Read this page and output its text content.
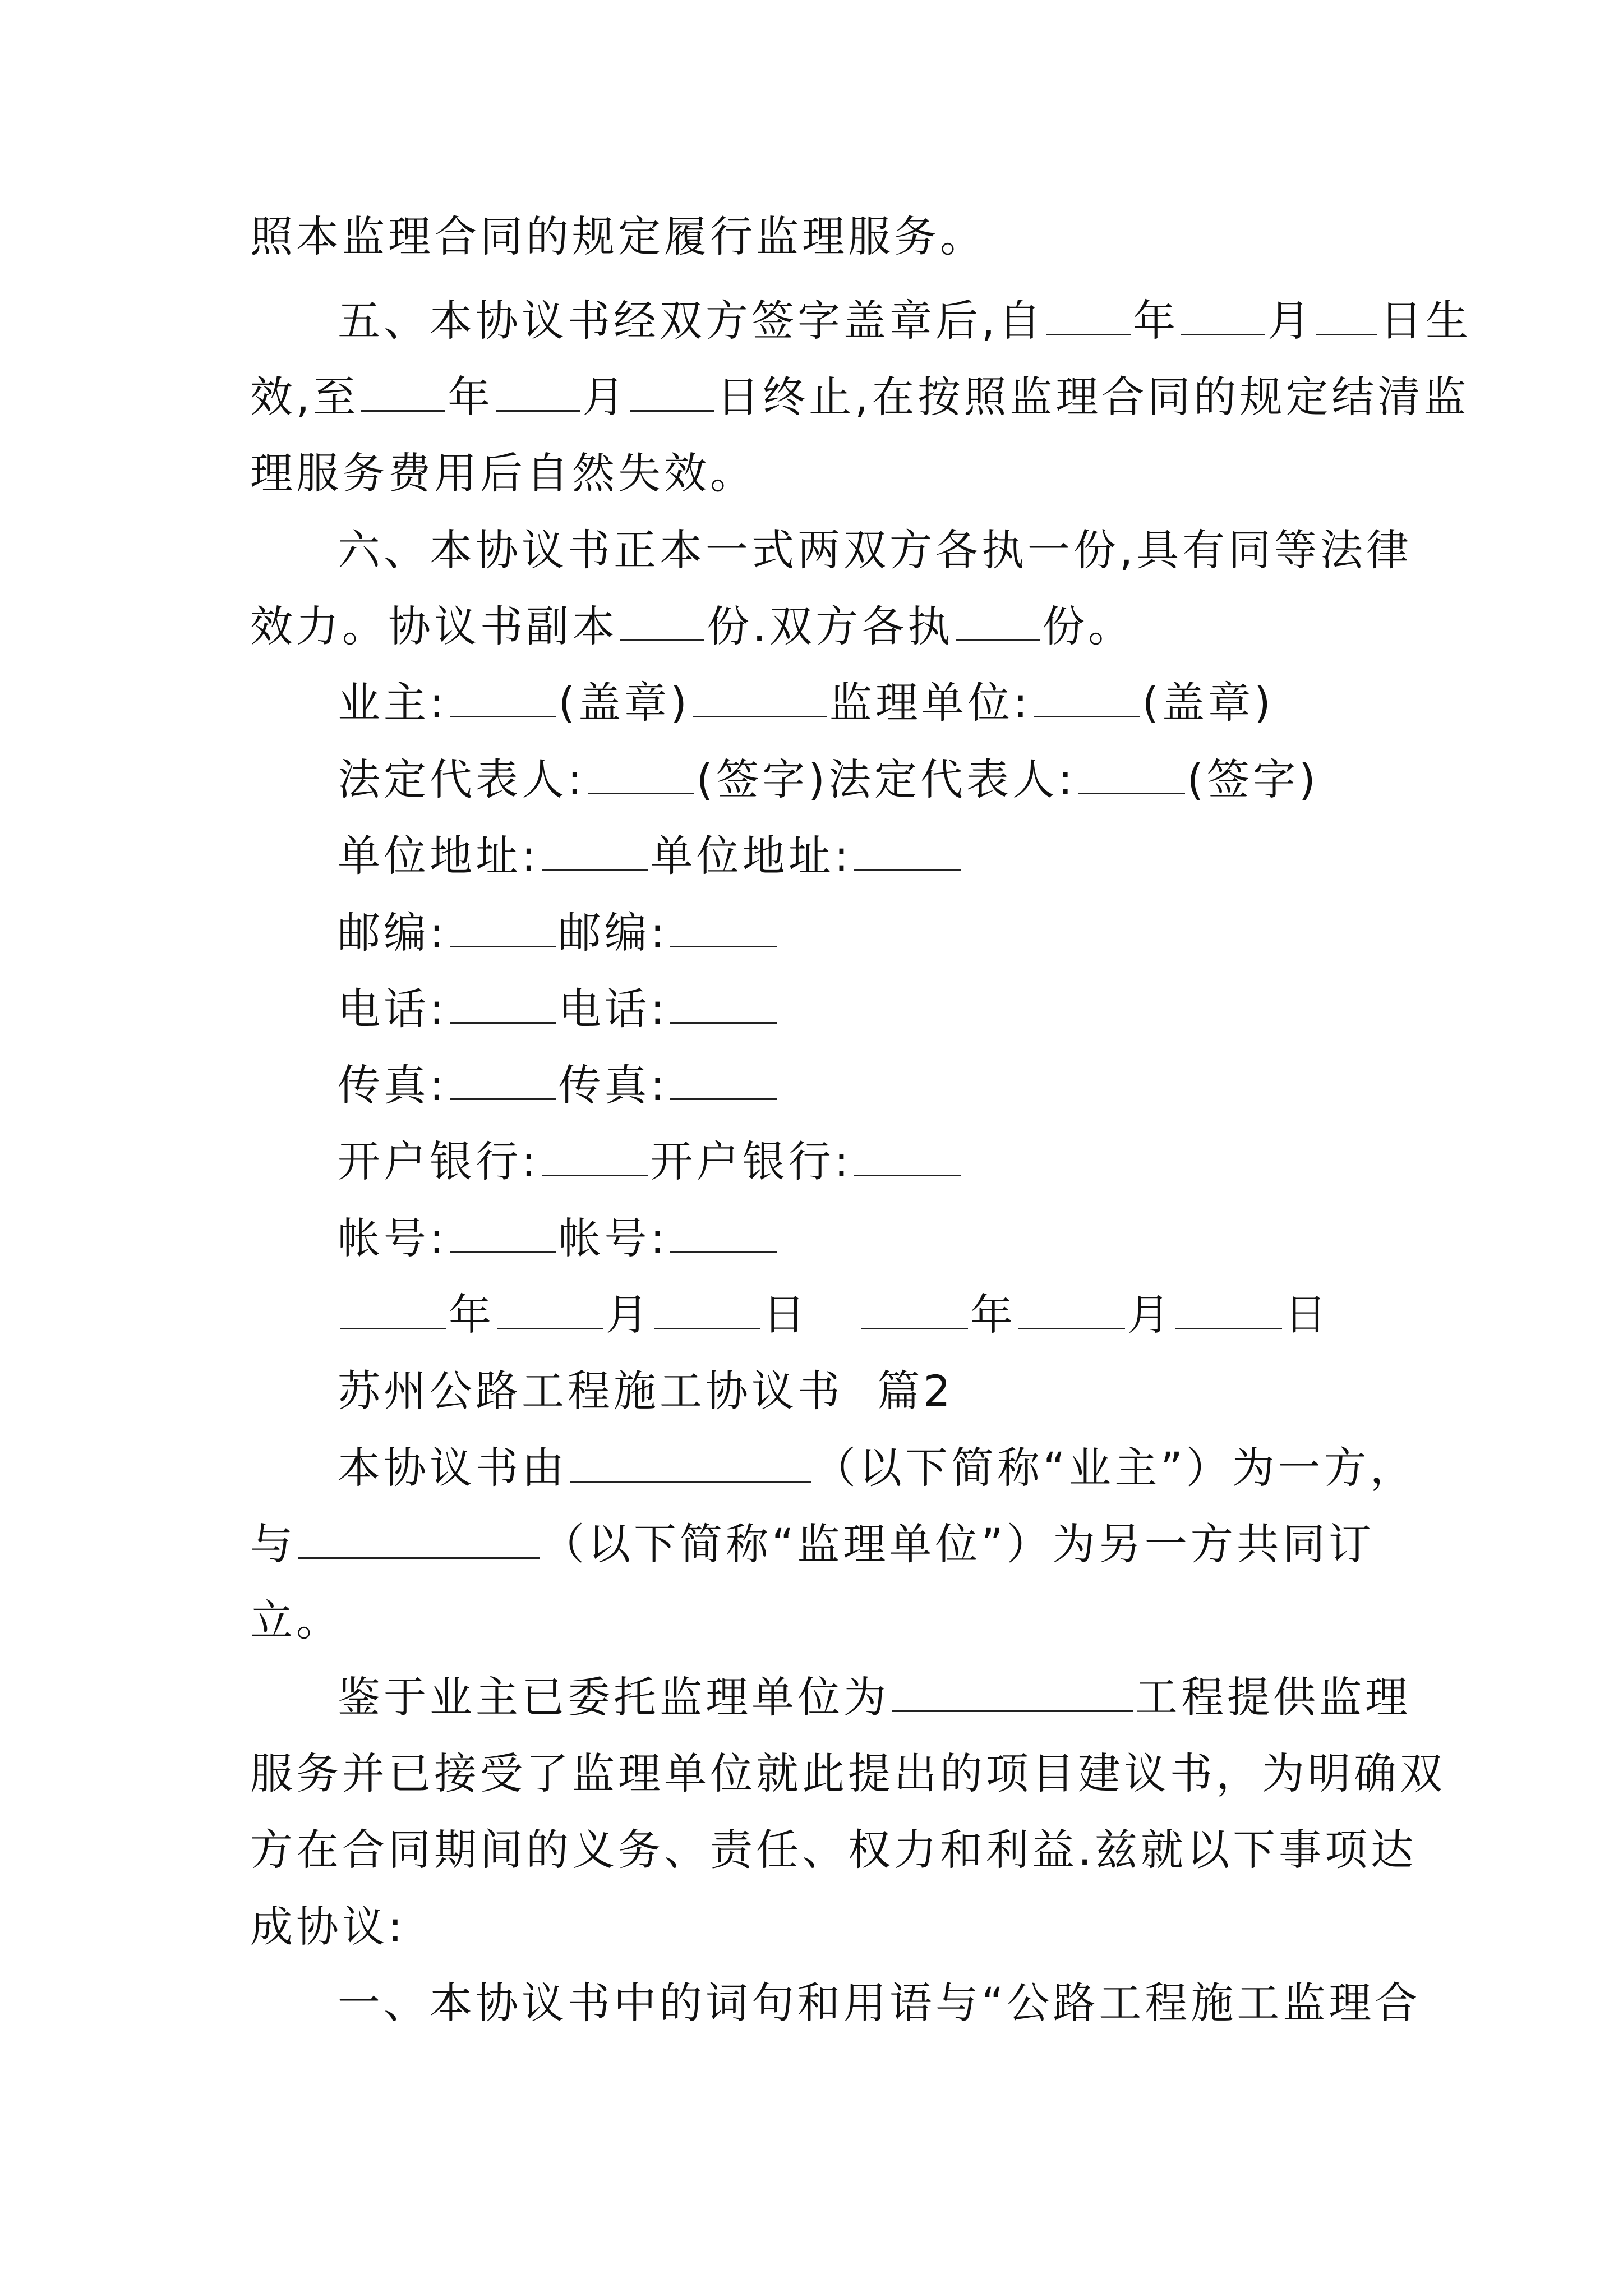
照本监理合同的规定履行监理服务。
五、本协议书经双方签字盖章后,自 年 月 日生
效,至 年 月 日终止,在按照监理合同的规定结清监
理服务费用后自然失效。
六、本协议书正本一式两双方各执一份,具有同等法律
效力。协议书副本 份.双方各执 份。
业主:	(盖章)	监理单位:	(盖章)
法定代表人:	(签字)法定代表人:	(签字)
单位地址:	单位地址:
邮编:	邮编:
电话:	电话:
传真:	传真:
开户银行:	开户银行:
帐号:	帐号:
年	月	日	年	月	日
苏州公路工程施工协议书  篇2
本协议书由	（以下简称“业主”）为一方，
与	（以下简称“监理单位”）为另一方共同订
立。
鉴于业主已委托监理单位为	工程提供监理
服务并已接受了监理单位就此提出的项目建议书，为明确双
方在合同期间的义务、责任、权力和利益.兹就以下事项达
成协议:
一、本协议书中的词句和用语与“公路工程施工监理合
